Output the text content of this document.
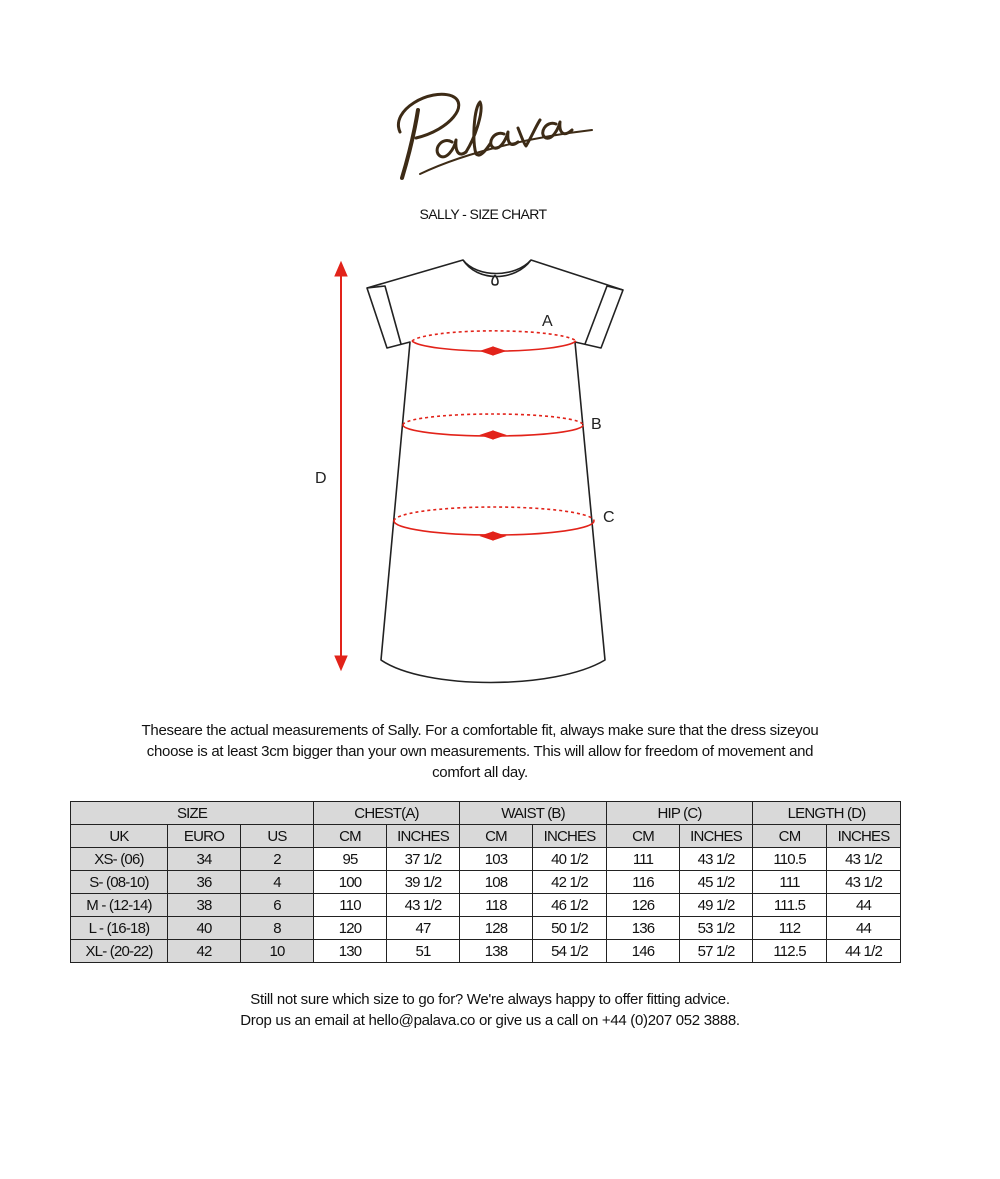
SALLY - SIZE CHART
A
B
C
D

Theseare the actual measurements of Sally. For a comfortable fit, always make sure that the dress sizeyou

choose is at least 3cm bigger than your own measurements. This will allow for freedom of movement and

comfort all day.

SIZE			CHEST(A)		WAIST (B)		HIP (C)		LENGTH (D)	
UK	EURO	US	CM	INCHES	CM	INCHES	CM	INCHES	CM	INCHES
XS- (06)	34	2	95	37 1/2	103	40 1/2	111	43 1/2	110.5	43 1/2
S- (08-10)	36	4	100	39 1/2	108	42 1/2	116	45 1/2	111	43 1/2
M - (12-14)	38	6	110	43 1/2	118	46 1/2	126	49 1/2	111.5	44
L - (16-18)	40	8	120	47	128	50 1/2	136	53 1/2	112	44
XL- (20-22)	42	10	130	51	138	54 1/2	146	57 1/2	112.5	44 1/2

Still not sure which size to go for? We're always happy to offer fitting advice.

Drop us an email at hello@palava.co or give us a call on +44 (0)207 052 3888.
